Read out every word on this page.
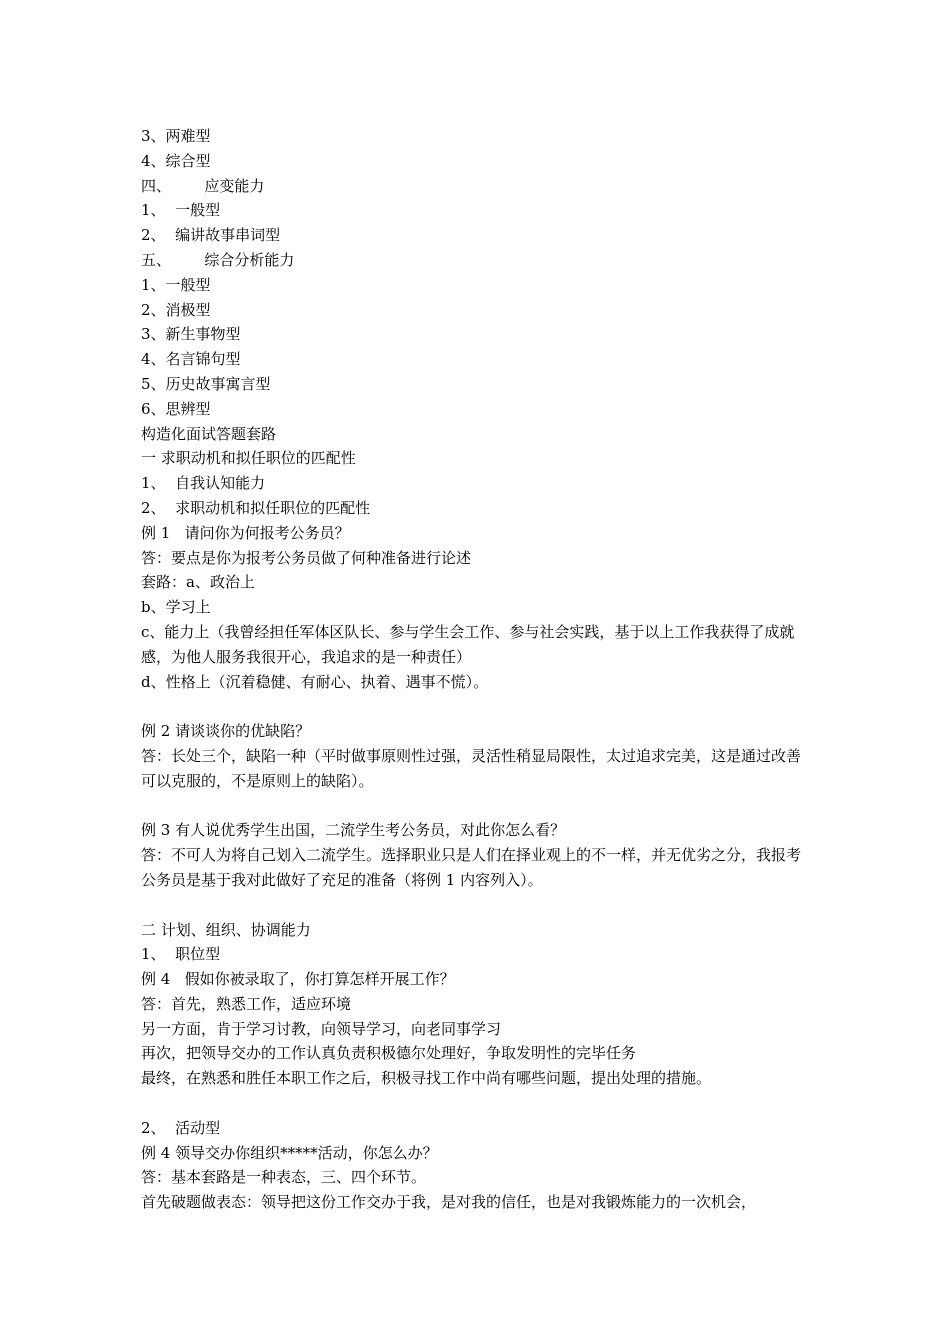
3、两难型
4、综合型
四、       应变能力
1、  一般型
2、  编讲故事串词型
五、       综合分析能力
1、一般型
2、消极型
3、新生事物型
4、名言锦句型
5、历史故事寓言型
6、思辨型
构造化面试答题套路
一 求职动机和拟任职位的匹配性
1、  自我认知能力
2、  求职动机和拟任职位的匹配性
例 1   请问你为何报考公务员？
答：要点是你为报考公务员做了何种准备进行论述
套路：a、政治上
b、学习上
c、能力上（我曾经担任军体区队长、参与学生会工作、参与社会实践，基于以上工作我获得了成就感，为他人服务我很开心，我追求的是一种责任）
d、性格上（沉着稳健、有耐心、执着、遇事不慌）。
例 2 请谈谈你的优缺陷？
答：长处三个，缺陷一种（平时做事原则性过强，灵活性稍显局限性，太过追求完美，这是通过改善可以克服的，不是原则上的缺陷）。
例 3 有人说优秀学生出国，二流学生考公务员，对此你怎么看？
答：不可人为将自己划入二流学生。选择职业只是人们在择业观上的不一样，并无优劣之分，我报考公务员是基于我对此做好了充足的准备（将例 1 内容列入）。
二 计划、组织、协调能力
1、  职位型
例 4   假如你被录取了，你打算怎样开展工作？
答：首先，熟悉工作，适应环境
另一方面，肯于学习讨教，向领导学习，向老同事学习
再次，把领导交办的工作认真负责积极德尔处理好，争取发明性的完毕任务
最终，在熟悉和胜任本职工作之后，积极寻找工作中尚有哪些问题，提出处理的措施。
2、  活动型
例 4 领导交办你组织*****活动，你怎么办？
答：基本套路是一种表态，三、四个环节。
首先破题做表态：领导把这份工作交办于我，是对我的信任，也是对我锻炼能力的一次机会，
